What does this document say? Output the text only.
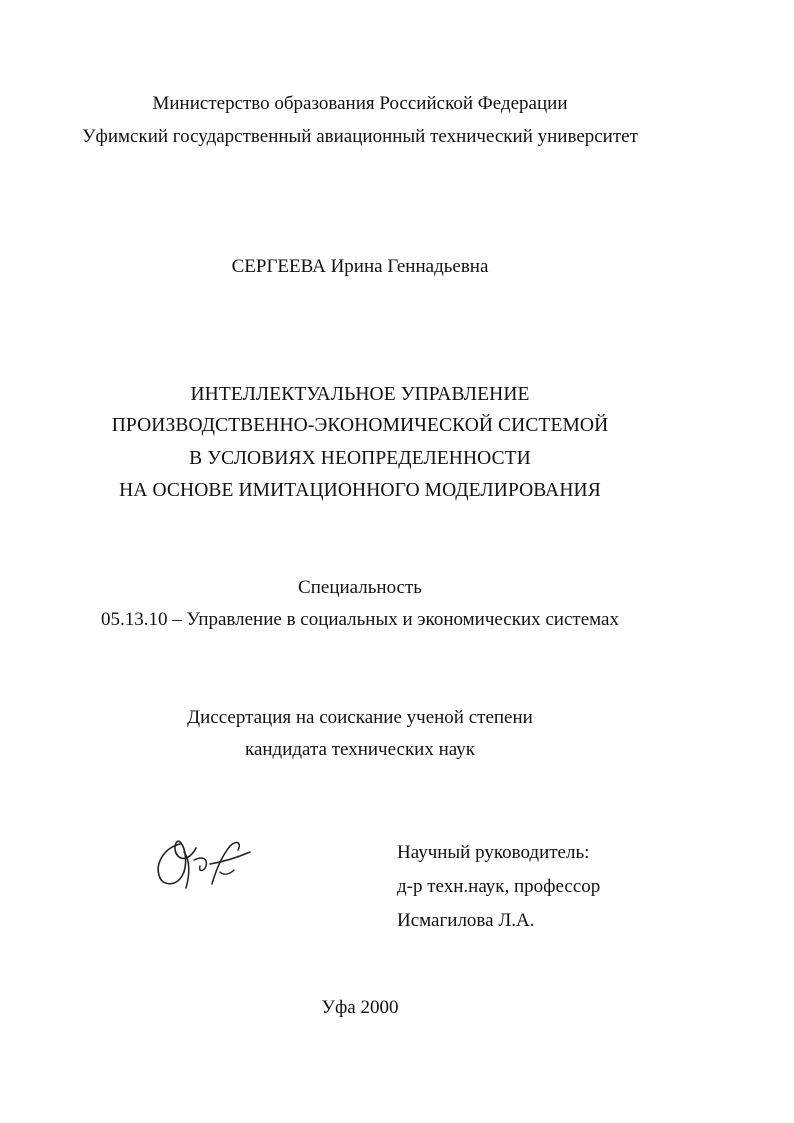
Министерство образования Российской Федерации
Уфимский государственный авиационный технический университет
СЕРГЕЕВА Ирина Геннадьевна
ИНТЕЛЛЕКТУАЛЬНОЕ УПРАВЛЕНИЕ
ПРОИЗВОДСТВЕННО-ЭКОНОМИЧЕСКОЙ СИСТЕМОЙ
В УСЛОВИЯХ НЕОПРЕДЕЛЕННОСТИ
НА ОСНОВЕ ИМИТАЦИОННОГО МОДЕЛИРОВАНИЯ
Специальность
05.13.10 – Управление в социальных и экономических системах
Диссертация на соискание ученой степени
кандидата технических наук
Научный руководитель:
д-р техн.наук, профессор
Исмагилова Л.А.
Уфа 2000
